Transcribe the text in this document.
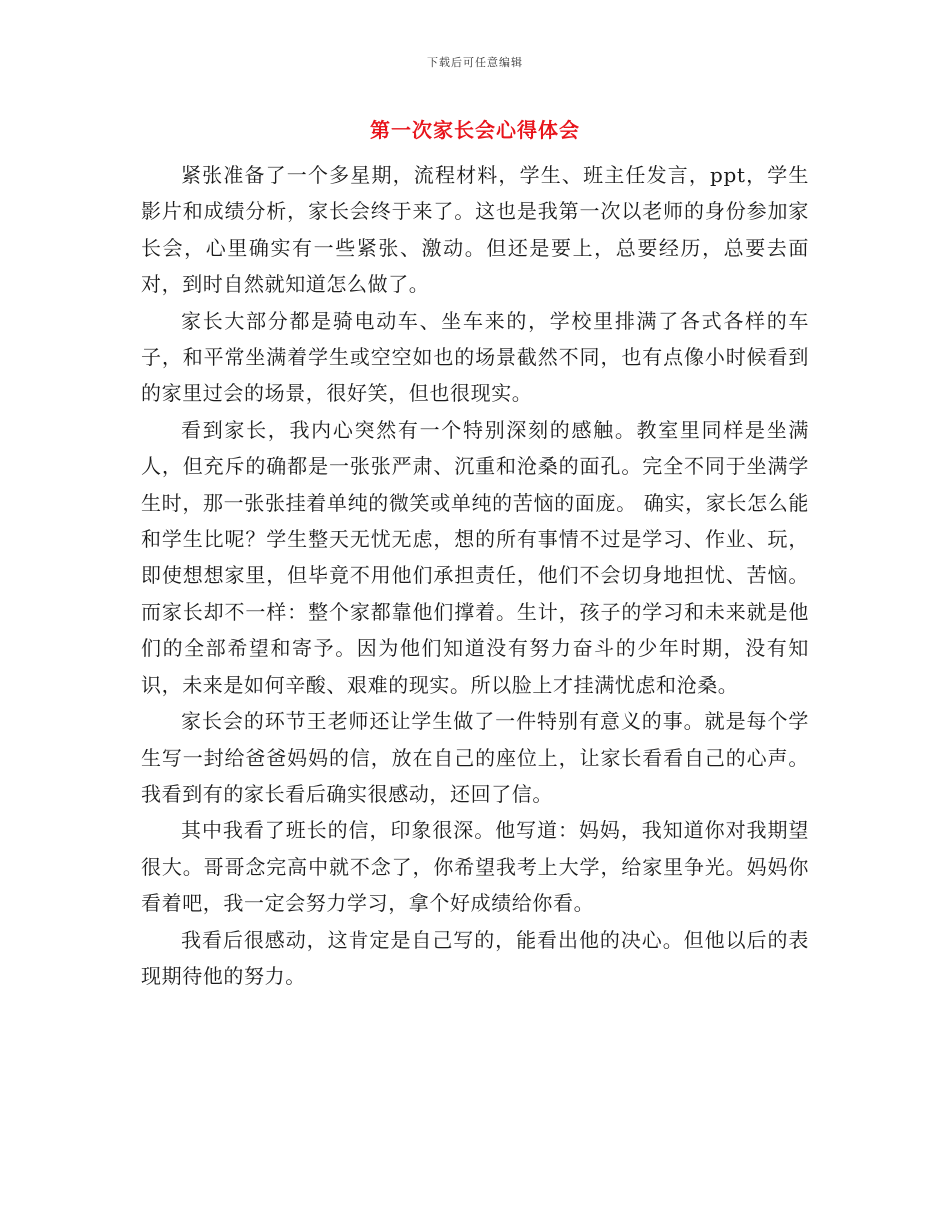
下载后可任意编辑
第一次家长会心得体会

紧张准备了一个多星期，流程材料，学生、班主任发言，ppt，学生影片和成绩分析，家长会终于来了。这也是我第一次以老师的身份参加家长会，心里确实有一些紧张、激动。但还是要上，总要经历，总要去面对，到时自然就知道怎么做了。

家长大部分都是骑电动车、坐车来的，学校里排满了各式各样的车子，和平常坐满着学生或空空如也的场景截然不同，也有点像小时候看到的家里过会的场景，很好笑，但也很现实。

看到家长，我内心突然有一个特别深刻的感触。教室里同样是坐满人，但充斥的确都是一张张严肃、沉重和沧桑的面孔。完全不同于坐满学生时，那一张张挂着单纯的微笑或单纯的苦恼的面庞。 确实，家长怎么能和学生比呢？学生整天无忧无虑，想的所有事情不过是学习、作业、玩，即使想想家里，但毕竟不用他们承担责任，他们不会切身地担忧、苦恼。而家长却不一样：整个家都靠他们撑着。生计，孩子的学习和未来就是他们的全部希望和寄予。因为他们知道没有努力奋斗的少年时期，没有知识，未来是如何辛酸、艰难的现实。所以脸上才挂满忧虑和沧桑。

家长会的环节王老师还让学生做了一件特别有意义的事。就是每个学生写一封给爸爸妈妈的信，放在自己的座位上，让家长看看自己的心声。我看到有的家长看后确实很感动，还回了信。

其中我看了班长的信，印象很深。他写道：妈妈，我知道你对我期望很大。哥哥念完高中就不念了，你希望我考上大学，给家里争光。妈妈你看着吧，我一定会努力学习，拿个好成绩给你看。

我看后很感动，这肯定是自己写的，能看出他的决心。但他以后的表现期待他的努力。
